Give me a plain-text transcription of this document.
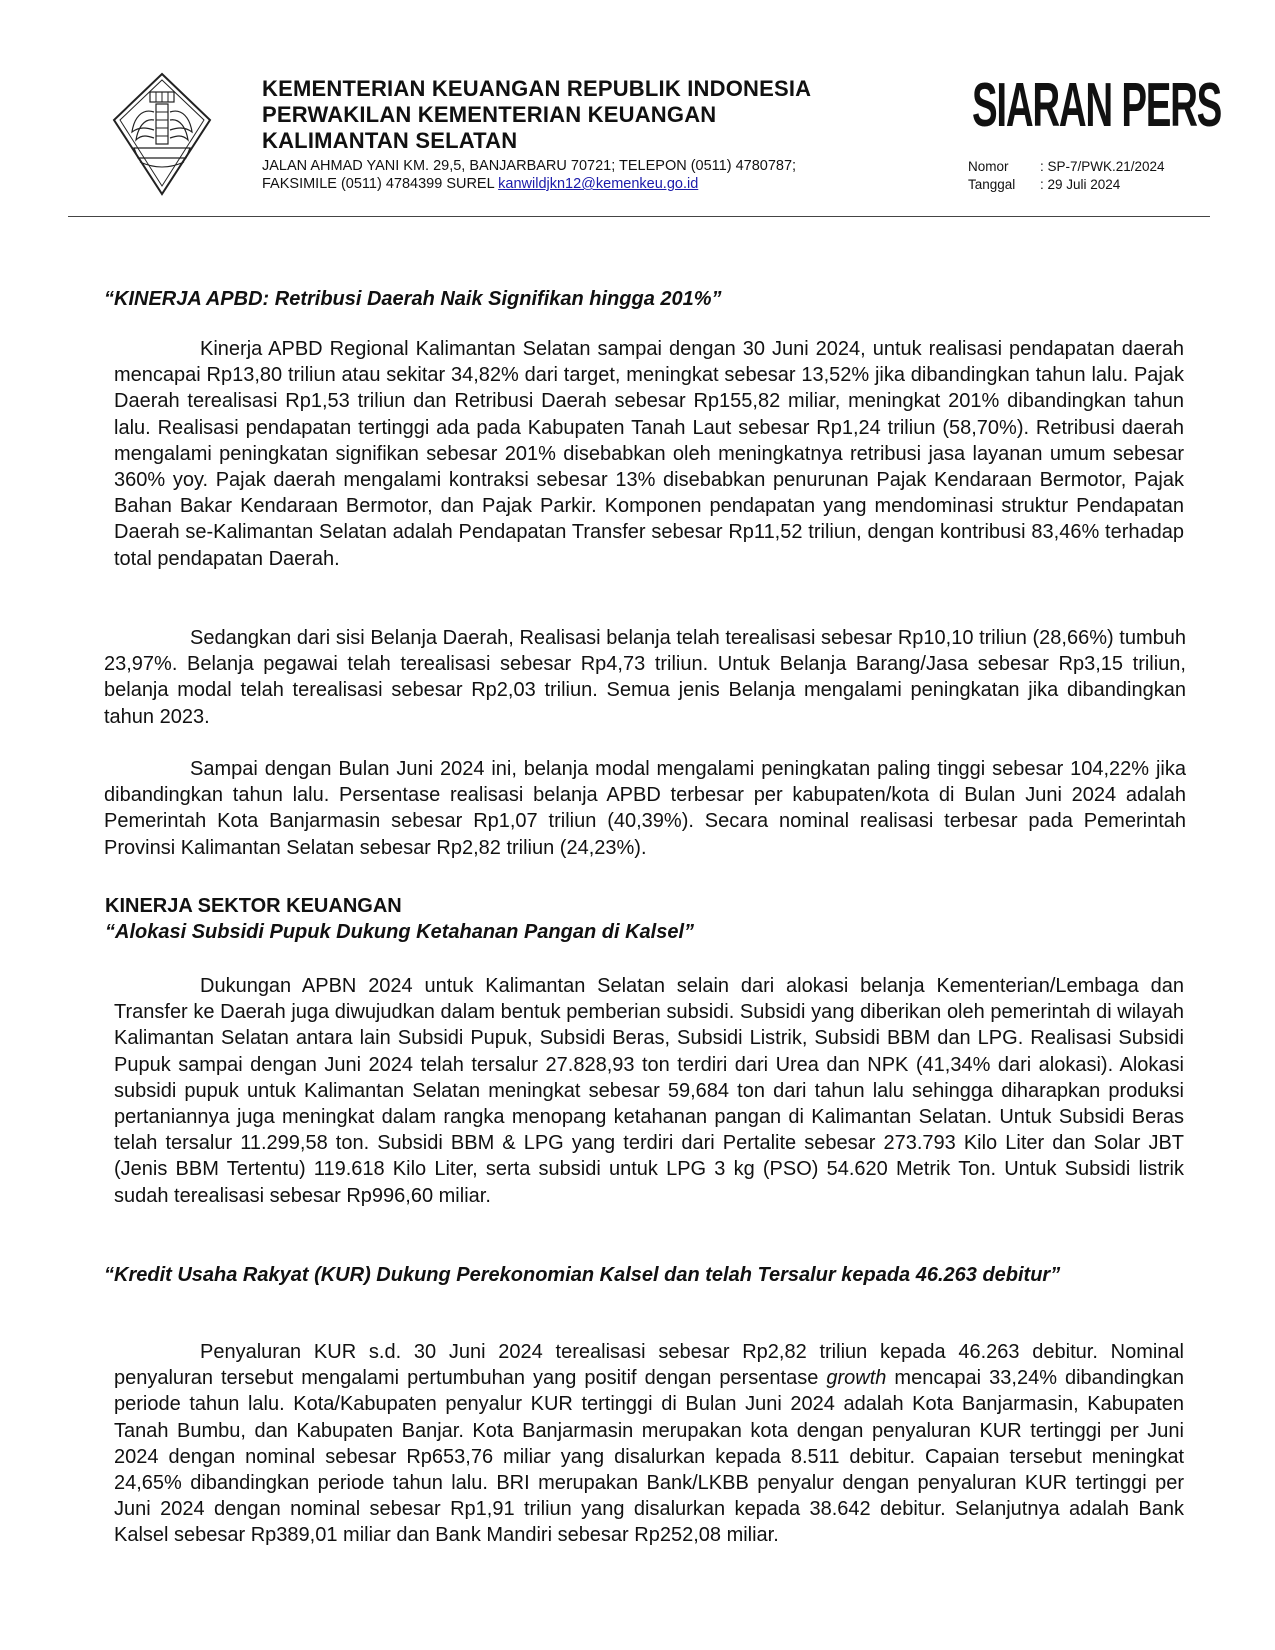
KEMENTERIAN KEUANGAN REPUBLIK INDONESIA
PERWAKILAN KEMENTERIAN KEUANGAN
KALIMANTAN SELATAN
JALAN AHMAD YANI KM. 29,5, BANJARBARU 70721; TELEPON (0511) 4780787;
FAKSIMILE (0511) 4784399 SUREL kanwildjkn12@kemenkeu.go.id
SIARAN PERS
Nomor	: SP-7/PWK.21/2024
Tanggal	: 29 Juli 2024
“KINERJA APBD: Retribusi Daerah Naik Signifikan hingga 201%”

Kinerja APBD Regional Kalimantan Selatan sampai dengan 30 Juni 2024, untuk realisasi pendapatan daerah mencapai Rp13,80 triliun atau sekitar 34,82% dari target, meningkat sebesar 13,52% jika dibandingkan tahun lalu. Pajak Daerah terealisasi Rp1,53 triliun dan Retribusi Daerah sebesar Rp155,82 miliar, meningkat 201% dibandingkan tahun lalu. Realisasi pendapatan tertinggi ada pada Kabupaten Tanah Laut sebesar Rp1,24 triliun (58,70%). Retribusi daerah mengalami peningkatan signifikan sebesar 201% disebabkan oleh meningkatnya retribusi jasa layanan umum sebesar 360% yoy. Pajak daerah mengalami kontraksi sebesar 13% disebabkan penurunan Pajak Kendaraan Bermotor, Pajak Bahan Bakar Kendaraan Bermotor, dan Pajak Parkir. Komponen pendapatan yang mendominasi struktur Pendapatan Daerah se-Kalimantan Selatan adalah Pendapatan Transfer sebesar Rp11,52 triliun, dengan kontribusi 83,46% terhadap total pendapatan Daerah.

Sedangkan dari sisi Belanja Daerah, Realisasi belanja telah terealisasi sebesar Rp10,10 triliun (28,66%) tumbuh 23,97%. Belanja pegawai telah terealisasi sebesar Rp4,73 triliun. Untuk Belanja Barang/Jasa sebesar Rp3,15 triliun, belanja modal telah terealisasi sebesar Rp2,03 triliun. Semua jenis Belanja mengalami peningkatan jika dibandingkan tahun 2023.

Sampai dengan Bulan Juni 2024 ini, belanja modal mengalami peningkatan paling tinggi sebesar 104,22% jika dibandingkan tahun lalu. Persentase realisasi belanja APBD terbesar per kabupaten/kota di Bulan Juni 2024 adalah Pemerintah Kota Banjarmasin sebesar Rp1,07 triliun (40,39%). Secara nominal realisasi terbesar pada Pemerintah Provinsi Kalimantan Selatan sebesar Rp2,82 triliun (24,23%).

KINERJA SEKTOR KEUANGAN
“Alokasi Subsidi Pupuk Dukung Ketahanan Pangan di Kalsel”

Dukungan APBN 2024 untuk Kalimantan Selatan selain dari alokasi belanja Kementerian/Lembaga dan Transfer ke Daerah juga diwujudkan dalam bentuk pemberian subsidi. Subsidi yang diberikan oleh pemerintah di wilayah Kalimantan Selatan antara lain Subsidi Pupuk, Subsidi Beras, Subsidi Listrik, Subsidi BBM dan LPG. Realisasi Subsidi Pupuk sampai dengan Juni 2024 telah tersalur 27.828,93 ton terdiri dari Urea dan NPK (41,34% dari alokasi). Alokasi subsidi pupuk untuk Kalimantan Selatan meningkat sebesar 59,684 ton dari tahun lalu sehingga diharapkan produksi pertaniannya juga meningkat dalam rangka menopang ketahanan pangan di Kalimantan Selatan. Untuk Subsidi Beras telah tersalur 11.299,58 ton. Subsidi BBM & LPG yang terdiri dari Pertalite sebesar 273.793 Kilo Liter dan Solar JBT (Jenis BBM Tertentu) 119.618 Kilo Liter, serta subsidi untuk LPG 3 kg (PSO) 54.620 Metrik Ton. Untuk Subsidi listrik sudah terealisasi sebesar Rp996,60 miliar.

“Kredit Usaha Rakyat (KUR) Dukung Perekonomian Kalsel dan telah Tersalur kepada 46.263 debitur”

Penyaluran KUR s.d. 30 Juni 2024 terealisasi sebesar Rp2,82 triliun kepada 46.263 debitur. Nominal penyaluran tersebut mengalami pertumbuhan yang positif dengan persentase growth mencapai 33,24% dibandingkan periode tahun lalu. Kota/Kabupaten penyalur KUR tertinggi di Bulan Juni 2024 adalah Kota Banjarmasin, Kabupaten Tanah Bumbu, dan Kabupaten Banjar. Kota Banjarmasin merupakan kota dengan penyaluran KUR tertinggi per Juni 2024 dengan nominal sebesar Rp653,76 miliar yang disalurkan kepada 8.511 debitur. Capaian tersebut meningkat 24,65% dibandingkan periode tahun lalu. BRI merupakan Bank/LKBB penyalur dengan penyaluran KUR tertinggi per Juni 2024 dengan nominal sebesar Rp1,91 triliun yang disalurkan kepada 38.642 debitur. Selanjutnya adalah Bank Kalsel sebesar Rp389,01 miliar dan Bank Mandiri sebesar Rp252,08 miliar.
